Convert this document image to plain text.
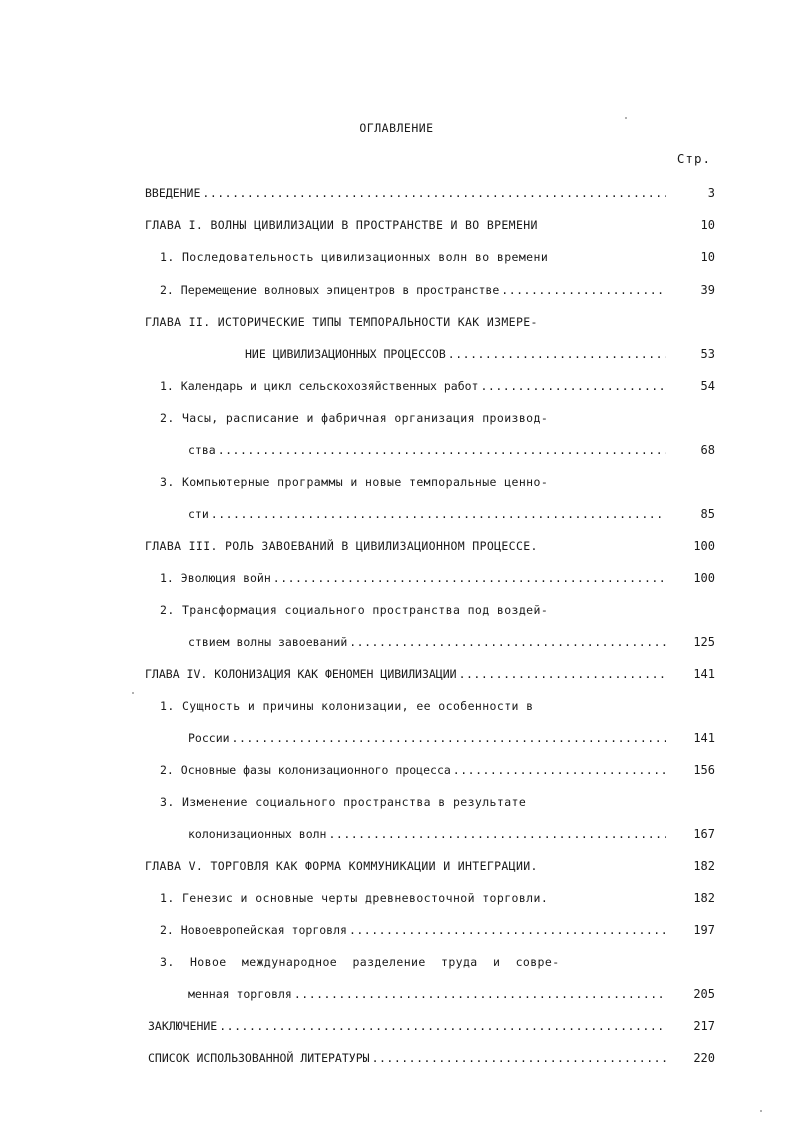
ОГЛАВЛЕНИЕ
Стр.
ВВЕДЕНИЕ .....	3
ГЛАВА I. ВОЛНЫ ЦИВИЛИЗАЦИИ В ПРОСТРАНСТВЕ И ВО ВРЕМЕНИ	10
1. Последовательность цивилизационных волн во времени	10
2. Перемещение волновых эпицентров в пространстве .....	39
ГЛАВА II. ИСТОРИЧЕСКИЕ ТИПЫ ТЕМПОРАЛЬНОСТИ КАК ИЗМЕРЕ-
НИЕ ЦИВИЛИЗАЦИОННЫХ ПРОЦЕССОВ .....	53
1. Календарь и цикл сельскохозяйственных работ .....	54
2. Часы, расписание и фабричная организация производ-
ства .....	68
3. Компьютерные программы и новые темпоральные ценно-
сти .....	85
ГЛАВА III. РОЛЬ ЗАВОЕВАНИЙ В ЦИВИЛИЗАЦИОННОМ ПРОЦЕССЕ.	100
1. Эволюция войн .....	100
2. Трансформация социального пространства под воздей-
ствием волны завоеваний .....	125
ГЛАВА IV. КОЛОНИЗАЦИЯ КАК ФЕНОМЕН ЦИВИЛИЗАЦИИ .....	141
1. Сущность и причины колонизации, ее особенности в
России .....	141
2. Основные фазы колонизационного процесса .....	156
3. Изменение социального пространства в результате
колонизационных волн .....	167
ГЛАВА V. ТОРГОВЛЯ КАК ФОРМА КОММУНИКАЦИИ И ИНТЕГРАЦИИ.	182
1. Генезис и основные черты древневосточной торговли.	182
2. Новоевропейская торговля .....	197
3. Новое международное разделение труда и совре-
менная торговля .....	205
ЗАКЛЮЧЕНИЕ .....	217
СПИСОК ИСПОЛЬЗОВАННОЙ ЛИТЕРАТУРЫ .....	220
